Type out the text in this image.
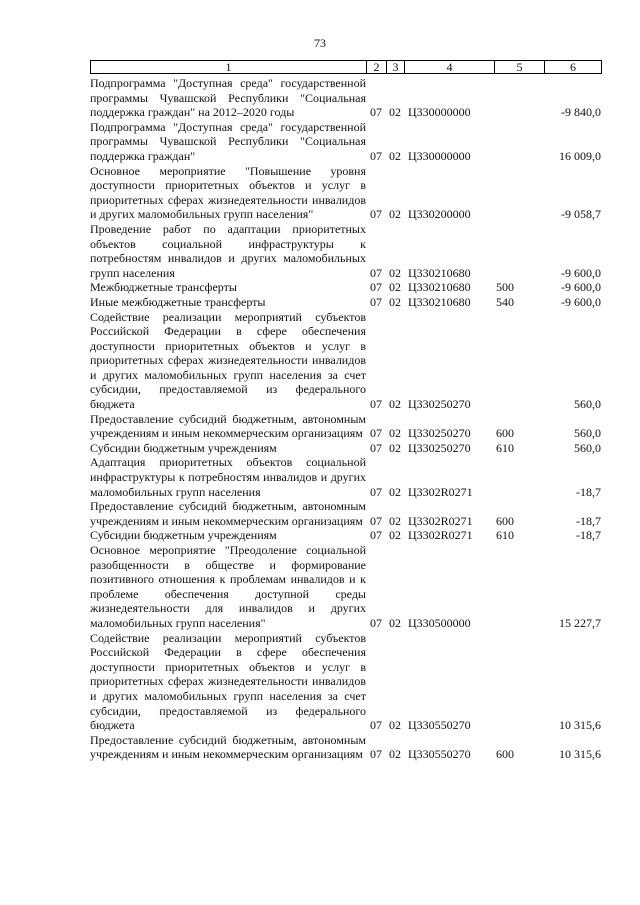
73
1	2	3	4	5	6
Подпрограмма "Доступная среда" государственной программы Чувашской Республики "Социальная поддержка граждан" на 2012–2020 годы	07 02 Ц330000000	-9 840,0
Подпрограмма "Доступная среда" государственной программы Чувашской Республики "Социальная поддержка граждан"	07 02 Ц330000000	16 009,0
Основное мероприятие "Повышение уровня доступности приоритетных объектов и услуг в приоритетных сферах жизнедеятельности инвалидов и других маломобильных групп населения"	07 02 Ц330200000	-9 058,7
Проведение работ по адаптации приоритетных объектов социальной инфраструктуры к потребностям инвалидов и других маломобильных групп населения	07 02 Ц330210680	-9 600,0
Межбюджетные трансферты	07 02 Ц330210680	500	-9 600,0
Иные межбюджетные трансферты	07 02 Ц330210680	540	-9 600,0
Содействие реализации мероприятий субъектов Российской Федерации в сфере обеспечения доступности приоритетных объектов и услуг в приоритетных сферах жизнедеятельности инвалидов и других маломобильных групп населения за счет субсидии, предоставляемой из федерального бюджета	07 02 Ц330250270	560,0
Предоставление субсидий бюджетным, автономным учреждениям и иным некоммерческим организациям 07 02 Ц330250270	600	560,0
Субсидии бюджетным учреждениям	07 02 Ц330250270	610	560,0
Адаптация приоритетных объектов социальной инфраструктуры к потребностям инвалидов и других маломобильных групп населения	07 02 Ц3302R0271	-18,7
Предоставление субсидий бюджетным, автономным учреждениям и иным некоммерческим организациям 07 02 Ц3302R0271	600	-18,7
Субсидии бюджетным учреждениям	07 02 Ц3302R0271	610	-18,7
Основное мероприятие "Преодоление социальной разобщенности в обществе и формирование позитивного отношения к проблемам инвалидов и к проблеме обеспечения доступной среды жизнедеятельности для инвалидов и других маломобильных групп населения"	07 02 Ц330500000	15 227,7
Содействие реализации мероприятий субъектов Российской Федерации в сфере обеспечения доступности приоритетных объектов и услуг в приоритетных сферах жизнедеятельности инвалидов и других маломобильных групп населения за счет субсидии, предоставляемой из федерального бюджета	07 02 Ц330550270	10 315,6
Предоставление субсидий бюджетным, автономным учреждениям и иным некоммерческим организациям 07 02 Ц330550270	600	10 315,6
